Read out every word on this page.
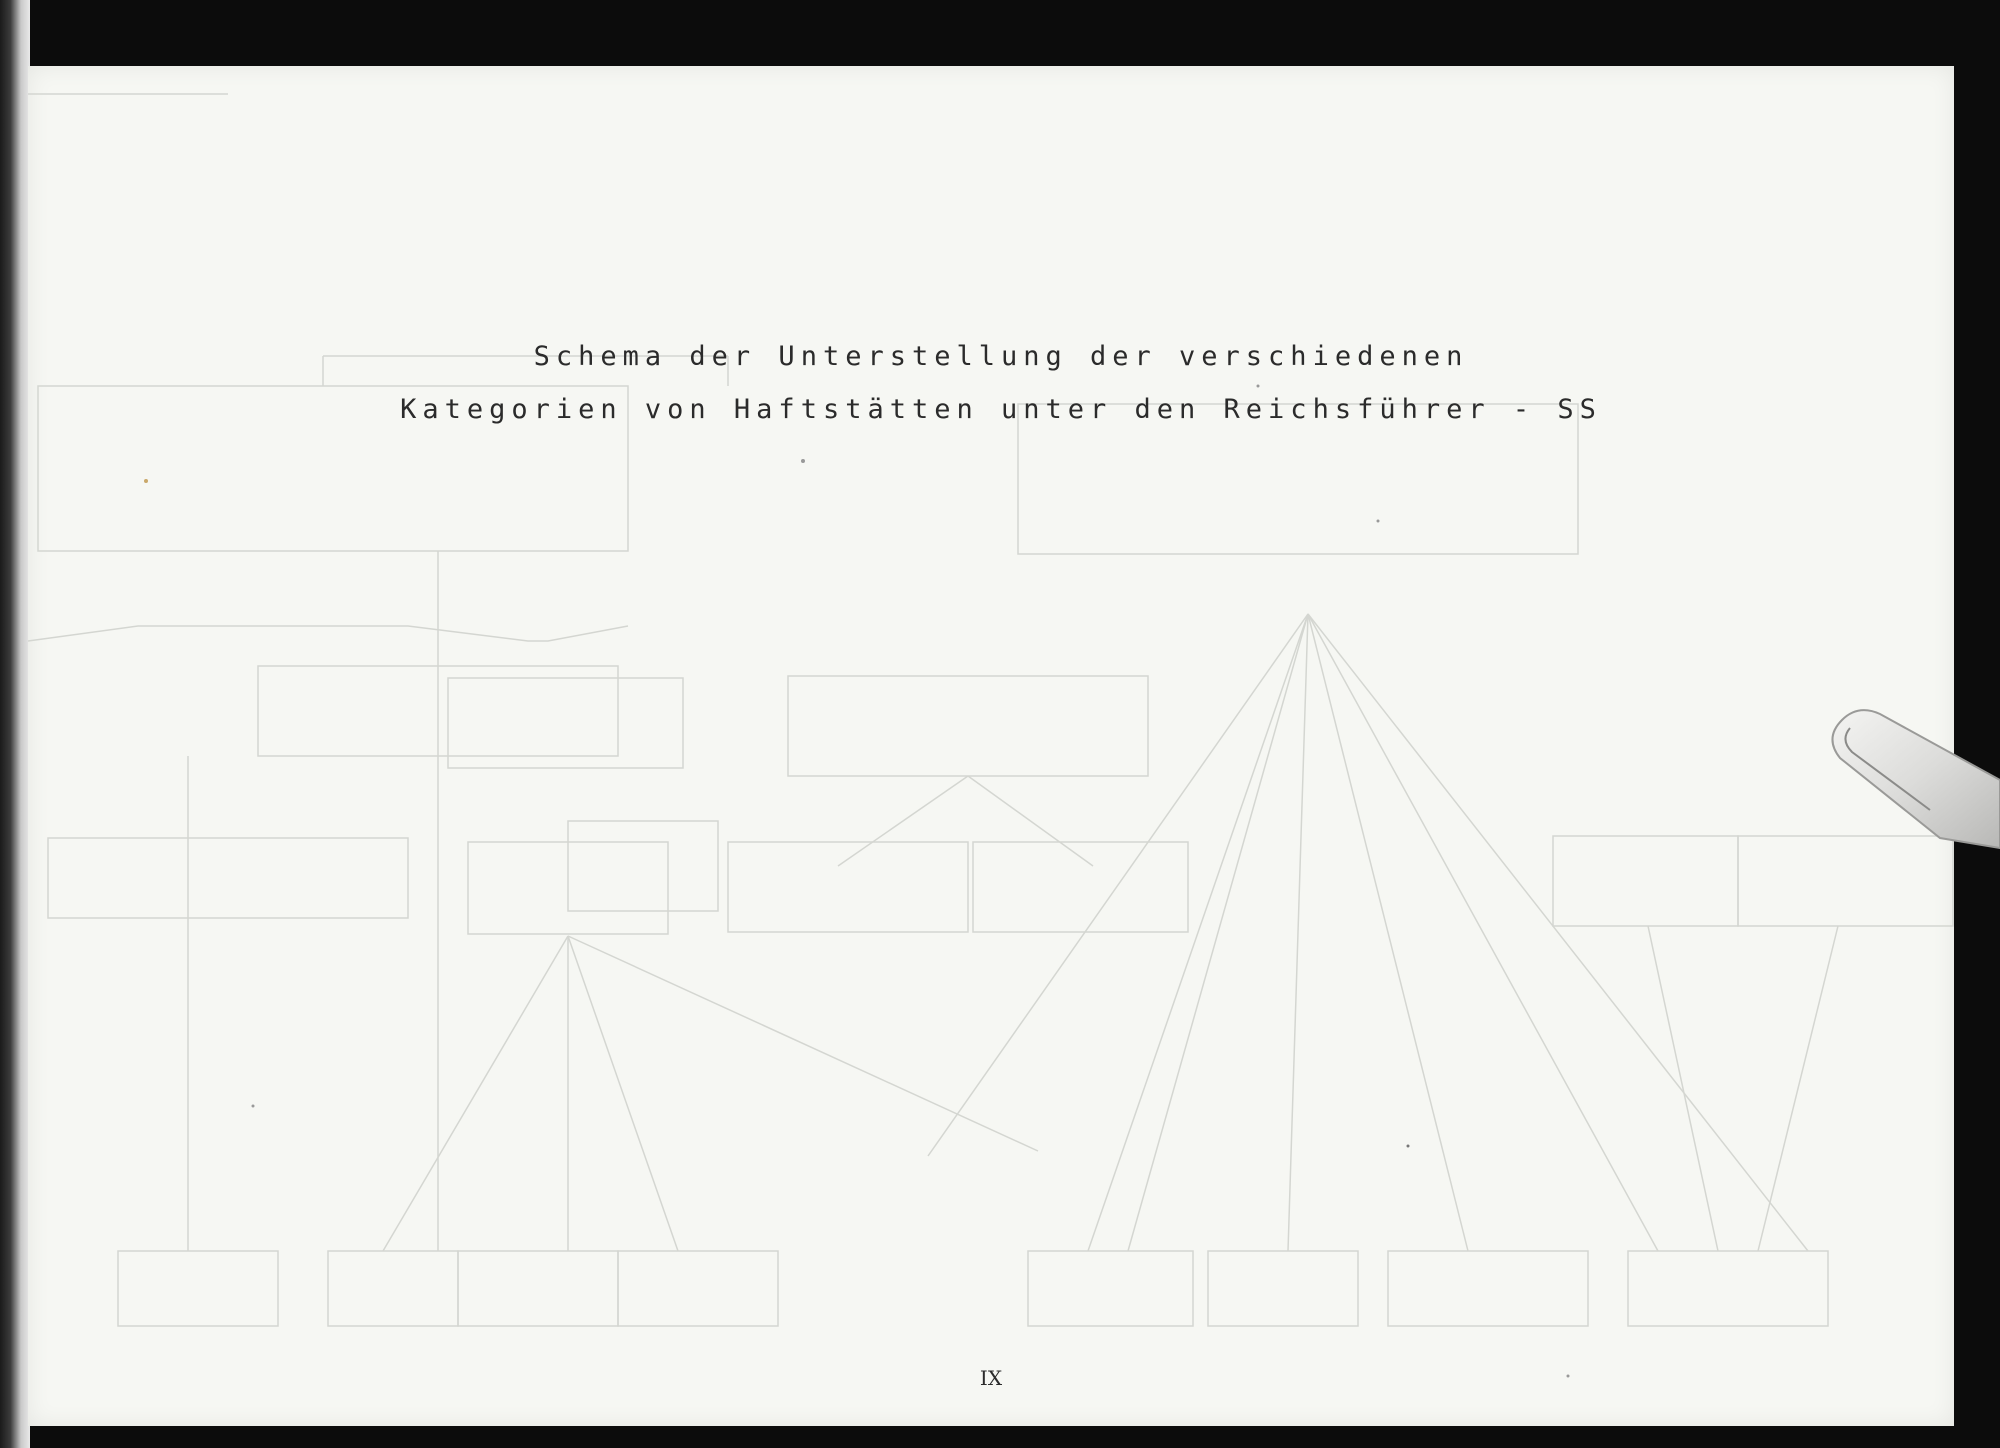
Schema der Unterstellung der verschiedenen
Kategorien von Haftstätten unter den Reichsführer - SS
IX
